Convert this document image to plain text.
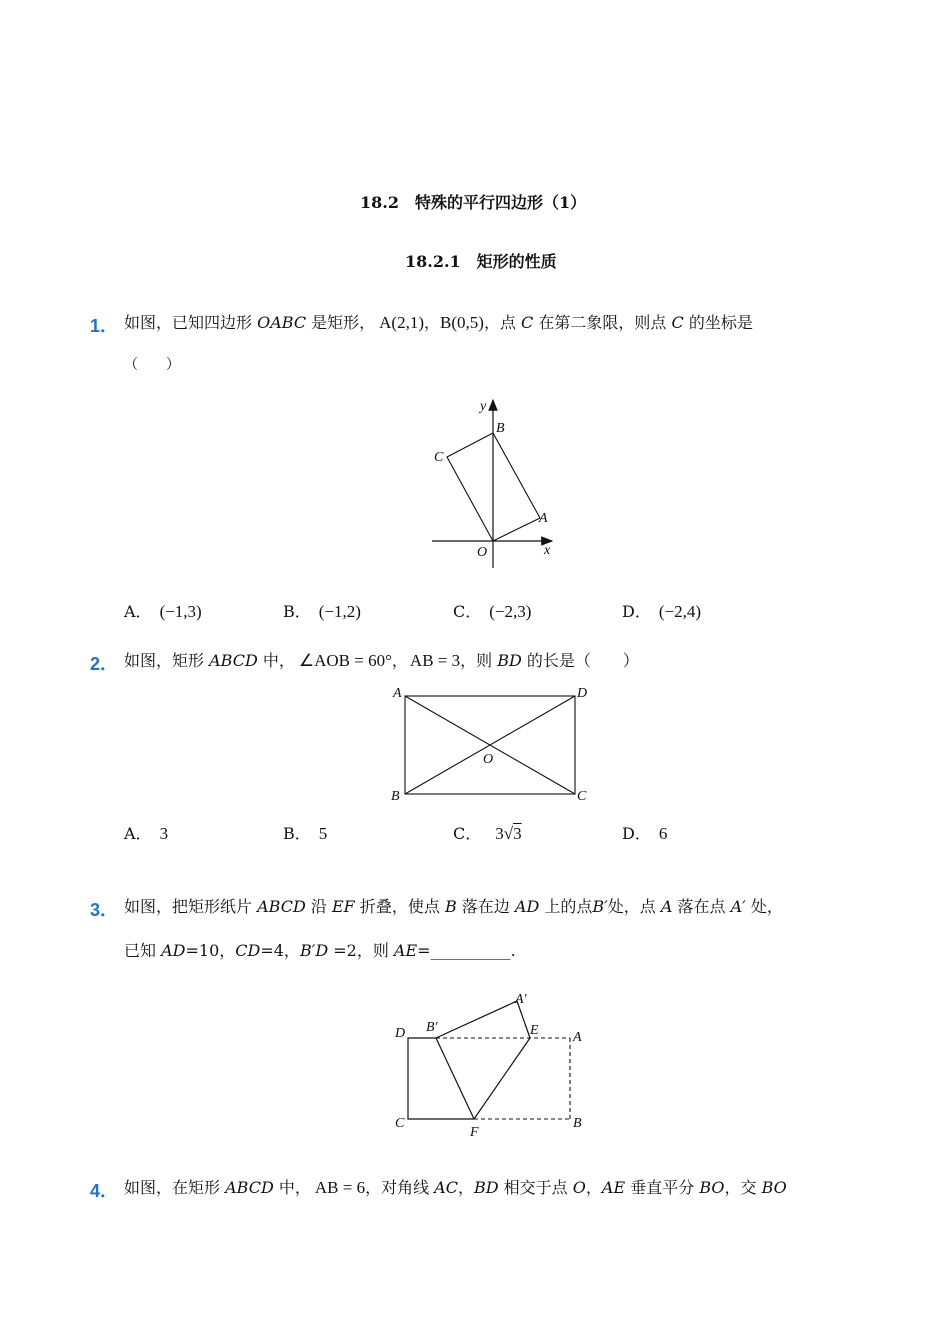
18.2　特殊的平行四边形（1）
18.2.1　矩形的性质
1． 如图，已知四边形 OABC 是矩形， A(2,1)，B(0,5)，点 C 在第二象限，则点 C 的坐标是
（　　）
y
B
C
A
O	x
A． (−1,3)	B． (−1,2)	C． (−2,3)	D． (−2,4)
2． 如图，矩形 ABCD 中， ∠AOB = 60°， AB = 3，则 BD 的长是（　　）
A	D
O
B	C
A． 3	B． 5	C． 3√3	D． 6
3． 如图，把矩形纸片 ABCD 沿 EF 折叠，使点 B 落在边 AD 上的点B′处，点 A 落在点 A′ 处，
已知 AD=10，CD=4，B′D =2，则 AE=__________.
D B′
A′
E A
C
F
B
4． 如图，在矩形 ABCD 中， AB = 6，对角线 AC，BD 相交于点 O，AE 垂直平分 BO，交 BO
